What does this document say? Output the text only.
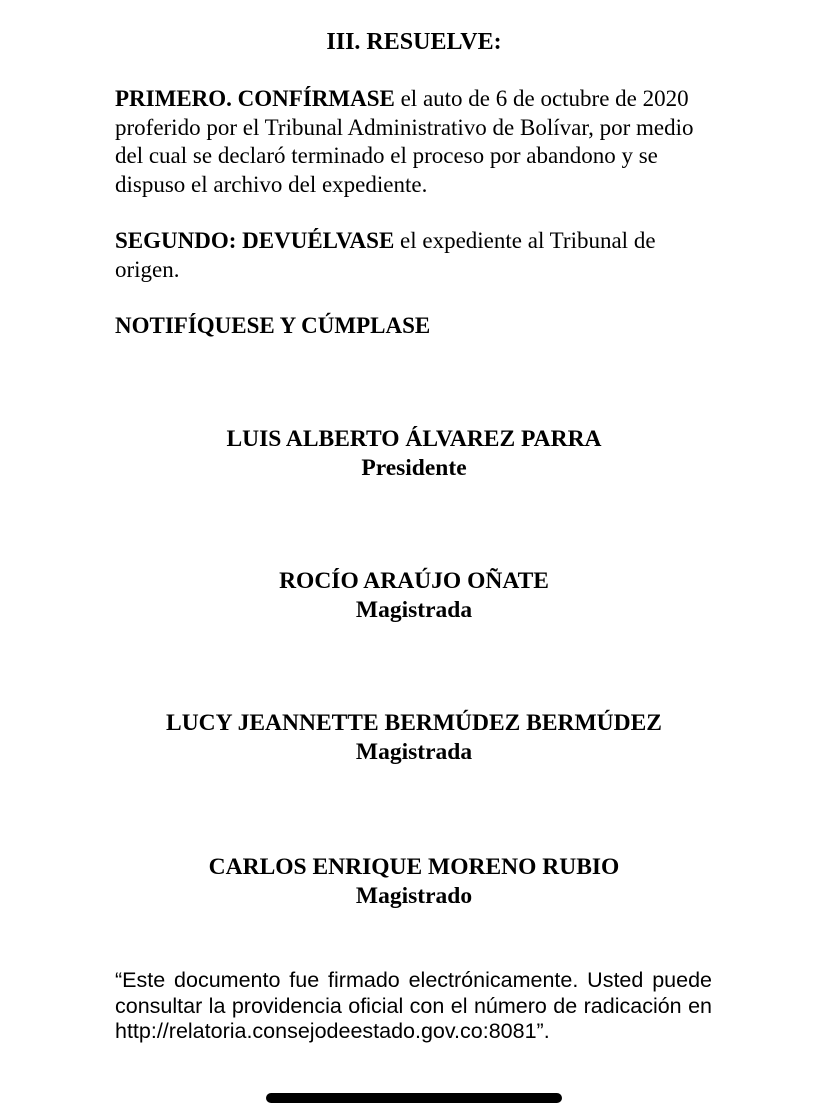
III. RESUELVE:
PRIMERO. CONFÍRMASE el auto de 6 de octubre de 2020 proferido por el Tribunal Administrativo de Bolívar, por medio del cual se declaró terminado el proceso por abandono y se dispuso el archivo del expediente.
SEGUNDO: DEVUÉLVASE el expediente al Tribunal de origen.
NOTIFÍQUESE Y CÚMPLASE
LUIS ALBERTO ÁLVAREZ PARRA
Presidente
ROCÍO ARAÚJO OÑATE
Magistrada
LUCY JEANNETTE BERMÚDEZ BERMÚDEZ
Magistrada
CARLOS ENRIQUE MORENO RUBIO
Magistrado
“Este documento fue firmado electrónicamente. Usted puede consultar la providencia oficial con el número de radicación en http://relatoria.consejodeestado.gov.co:8081”.
